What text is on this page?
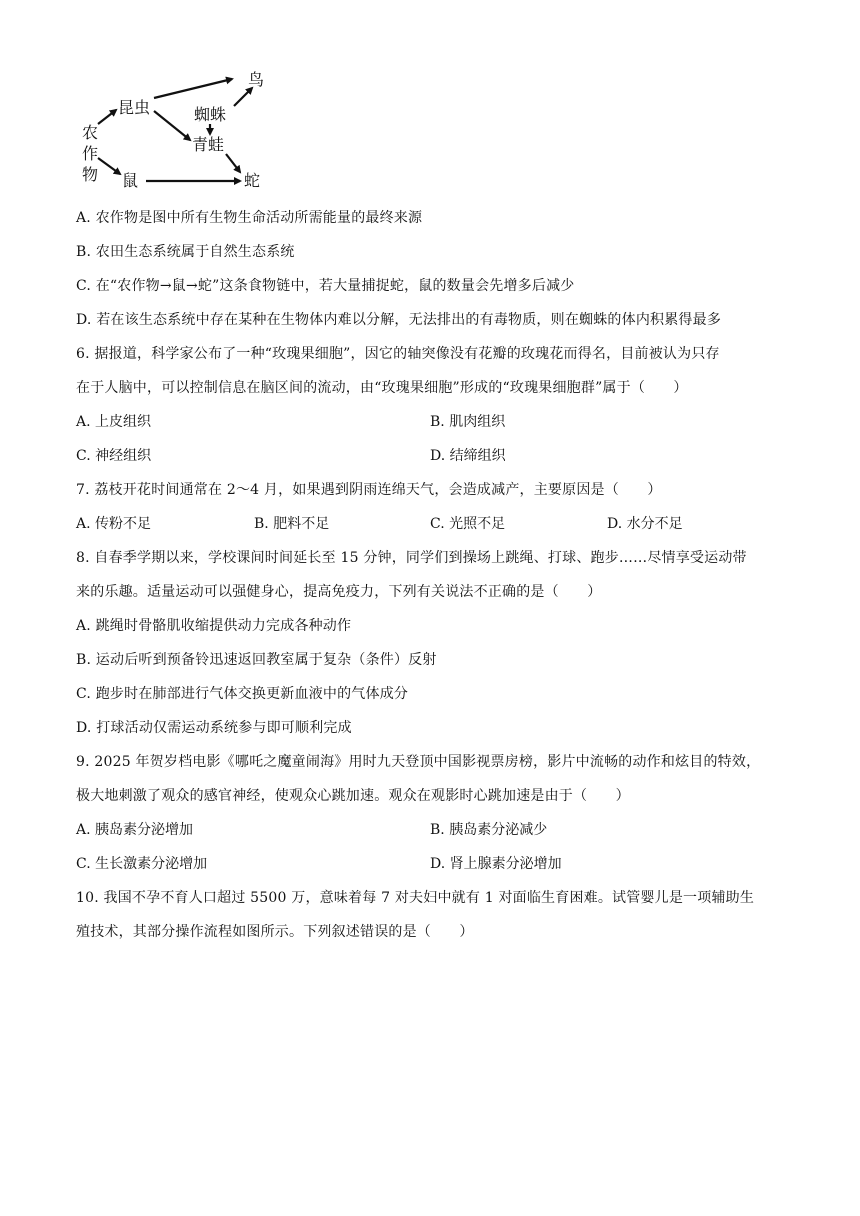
农作物
昆虫
鸟
蜘蛛
青蛙
鼠	蛇
A. 农作物是图中所有生物生命活动所需能量的最终来源
B. 农田生态系统属于自然生态系统
C. 在“农作物→鼠→蛇”这条食物链中，若大量捕捉蛇，鼠的数量会先增多后减少
D. 若在该生态系统中存在某种在生物体内难以分解，无法排出的有毒物质，则在蜘蛛的体内积累得最多
6. 据报道，科学家公布了一种“玫瑰果细胞”，因它的轴突像没有花瓣的玫瑰花而得名，目前被认为只存
在于人脑中，可以控制信息在脑区间的流动，由“玫瑰果细胞”形成的“玫瑰果细胞群”属于（　　）
A. 上皮组织	B. 肌肉组织
C. 神经组织	D. 结缔组织
7. 荔枝开花时间通常在 2～4 月，如果遇到阴雨连绵天气，会造成减产，主要原因是（　　）
A. 传粉不足	B. 肥料不足	C. 光照不足	D. 水分不足
8. 自春季学期以来，学校课间时间延长至 15 分钟，同学们到操场上跳绳、打球、跑步……尽情享受运动带
来的乐趣。适量运动可以强健身心，提高免疫力，下列有关说法不正确的是（　　）
A. 跳绳时骨骼肌收缩提供动力完成各种动作
B. 运动后听到预备铃迅速返回教室属于复杂（条件）反射
C. 跑步时在肺部进行气体交换更新血液中的气体成分
D. 打球活动仅需运动系统参与即可顺利完成
9. 2025 年贺岁档电影《哪吒之魔童闹海》用时九天登顶中国影视票房榜，影片中流畅的动作和炫目的特效，
极大地刺激了观众的感官神经，使观众心跳加速。观众在观影时心跳加速是由于（　　）
A. 胰岛素分泌增加	B. 胰岛素分泌减少
C. 生长激素分泌增加	D. 肾上腺素分泌增加
10. 我国不孕不育人口超过 5500 万，意味着每 7 对夫妇中就有 1 对面临生育困难。试管婴儿是一项辅助生
殖技术，其部分操作流程如图所示。下列叙述错误的是（　　）
